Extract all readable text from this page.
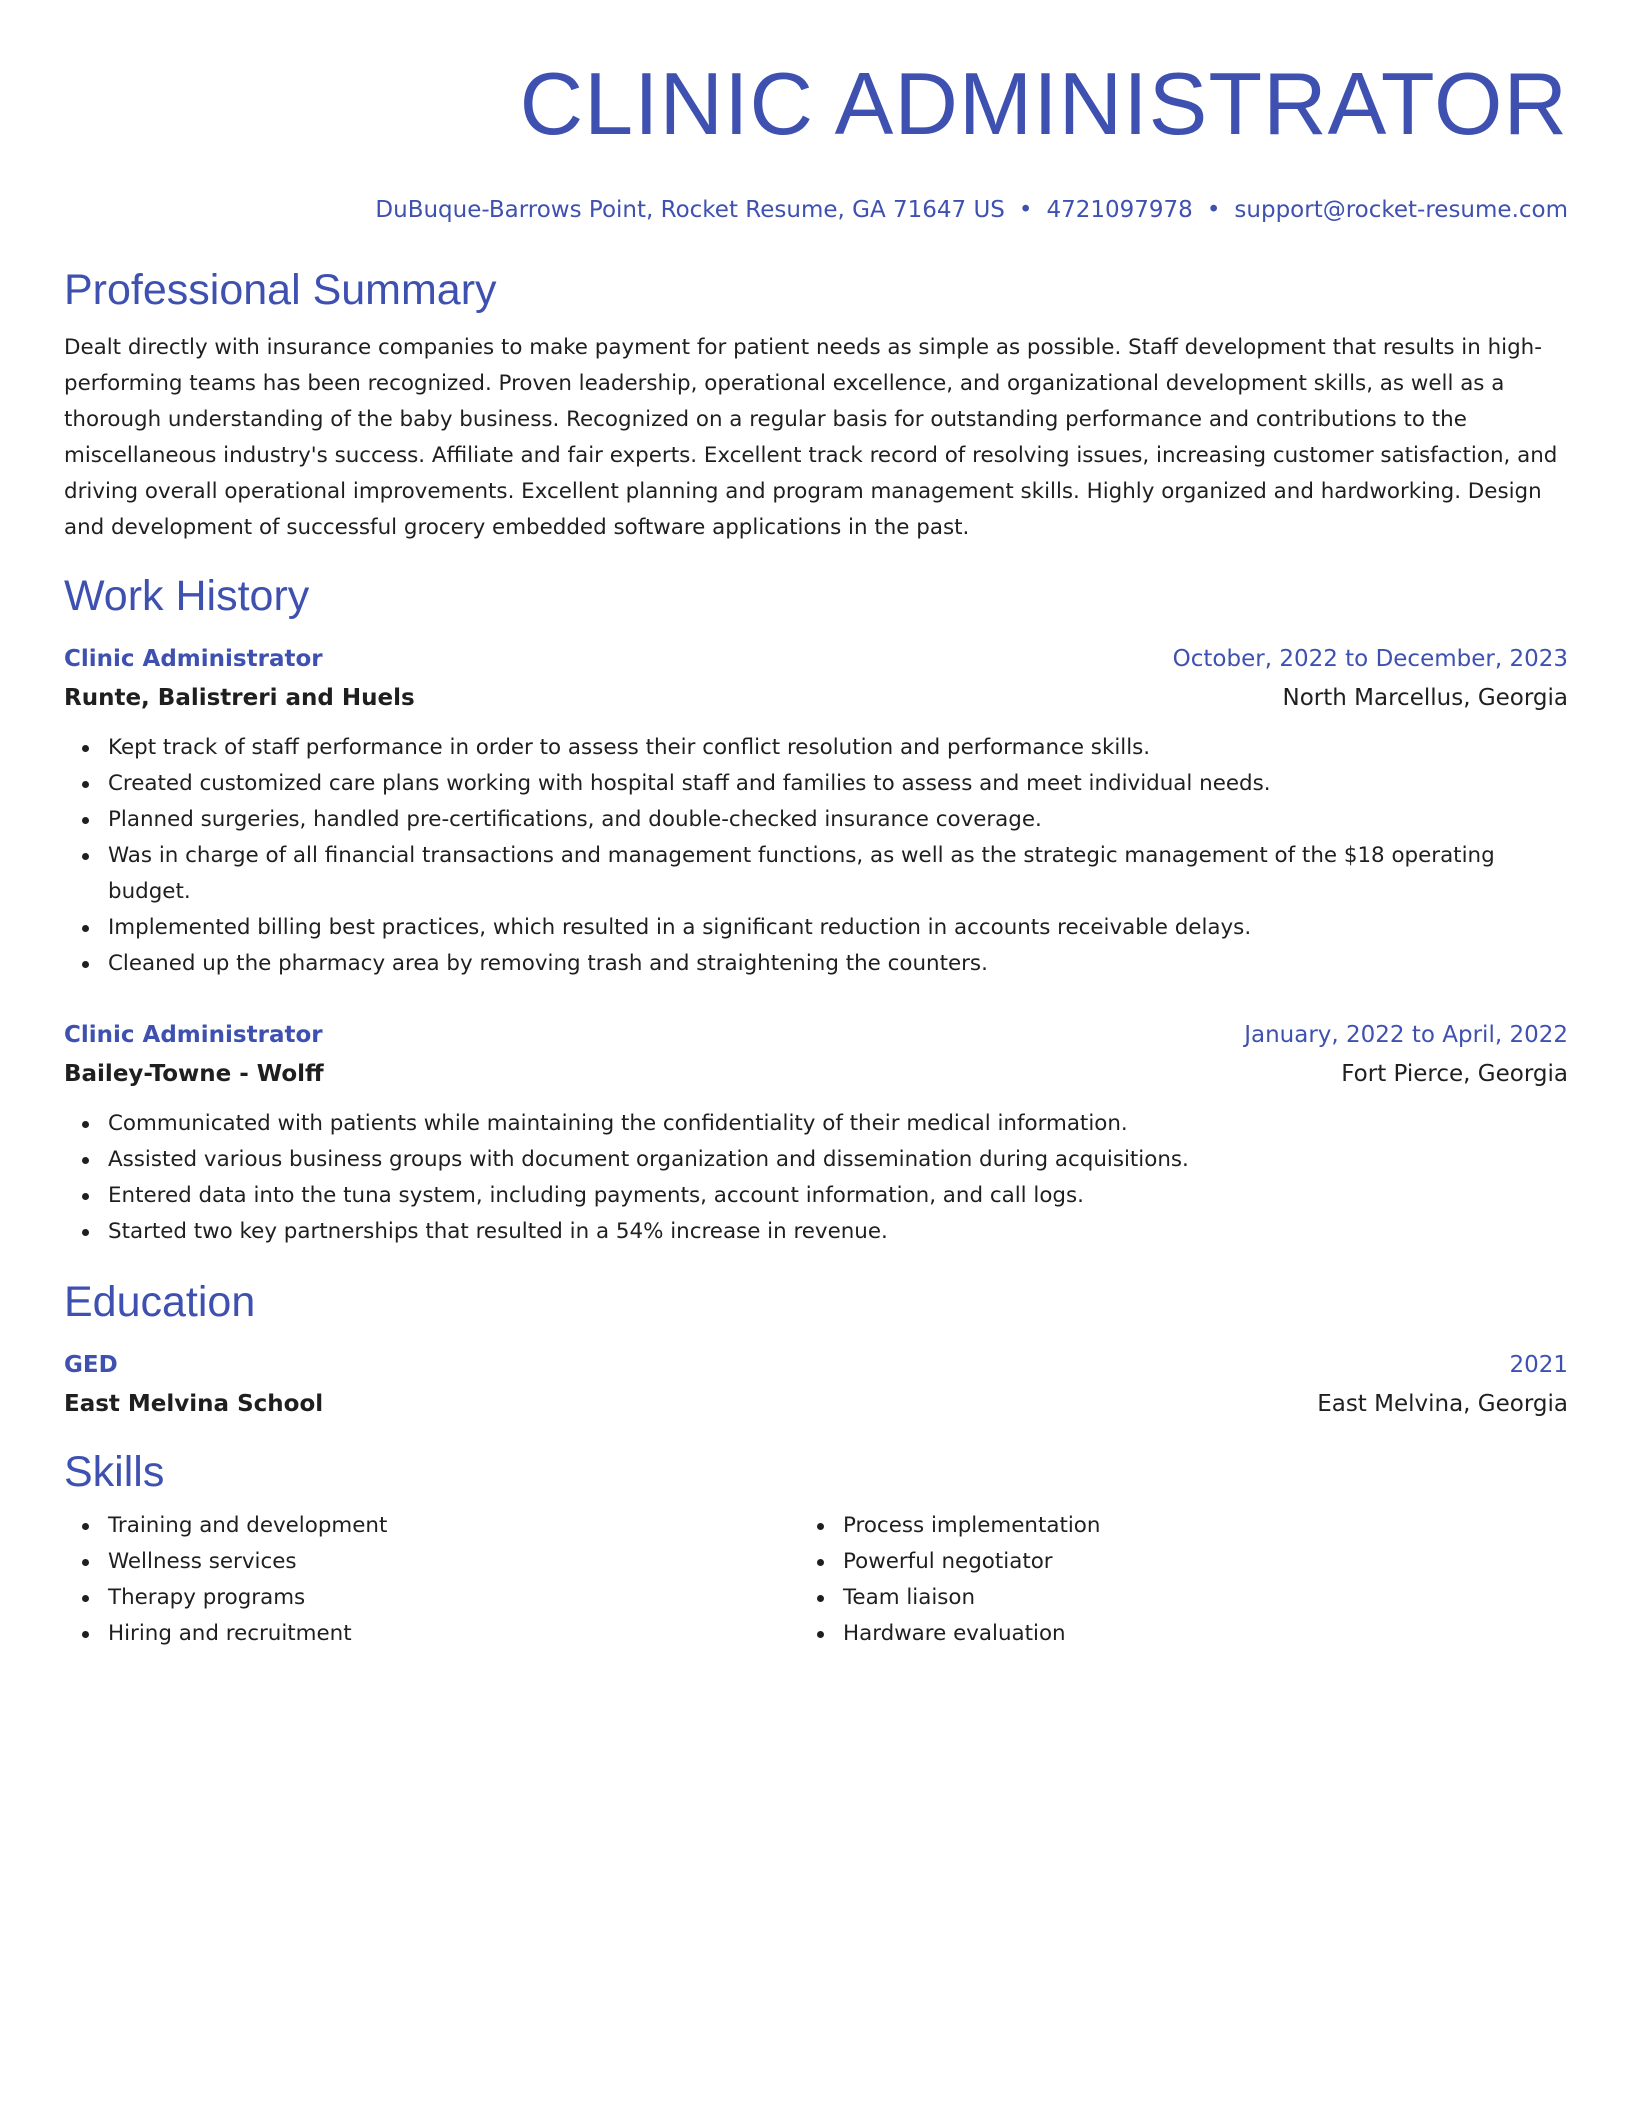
CLINIC ADMINISTRATOR
DuBuque-Barrows Point, Rocket Resume, GA 71647 US • 4721097978 • support@rocket-resume.com
Professional Summary
Dealt directly with insurance companies to make payment for patient needs as simple as possible. Staff development that results in high-performing teams has been recognized. Proven leadership, operational excellence, and organizational development skills, as well as a thorough understanding of the baby business. Recognized on a regular basis for outstanding performance and contributions to the miscellaneous industry's success. Affiliate and fair experts. Excellent track record of resolving issues, increasing customer satisfaction, and driving overall operational improvements. Excellent planning and program management skills. Highly organized and hardworking. Design and development of successful grocery embedded software applications in the past.
Work History
Clinic Administrator	October, 2022 to December, 2023
Runte, Balistreri and Huels	North Marcellus, Georgia
Kept track of staff performance in order to assess their conflict resolution and performance skills.
Created customized care plans working with hospital staff and families to assess and meet individual needs.
Planned surgeries, handled pre-certifications, and double-checked insurance coverage.
Was in charge of all financial transactions and management functions, as well as the strategic management of the $18 operating budget.
Implemented billing best practices, which resulted in a significant reduction in accounts receivable delays.
Cleaned up the pharmacy area by removing trash and straightening the counters.
Clinic Administrator	January, 2022 to April, 2022
Bailey-Towne - Wolff	Fort Pierce, Georgia
Communicated with patients while maintaining the confidentiality of their medical information.
Assisted various business groups with document organization and dissemination during acquisitions.
Entered data into the tuna system, including payments, account information, and call logs.
Started two key partnerships that resulted in a 54% increase in revenue.
Education
GED	2021
East Melvina School	East Melvina, Georgia
Skills
Training and development
Wellness services
Therapy programs
Hiring and recruitment
Process implementation
Powerful negotiator
Team liaison
Hardware evaluation
